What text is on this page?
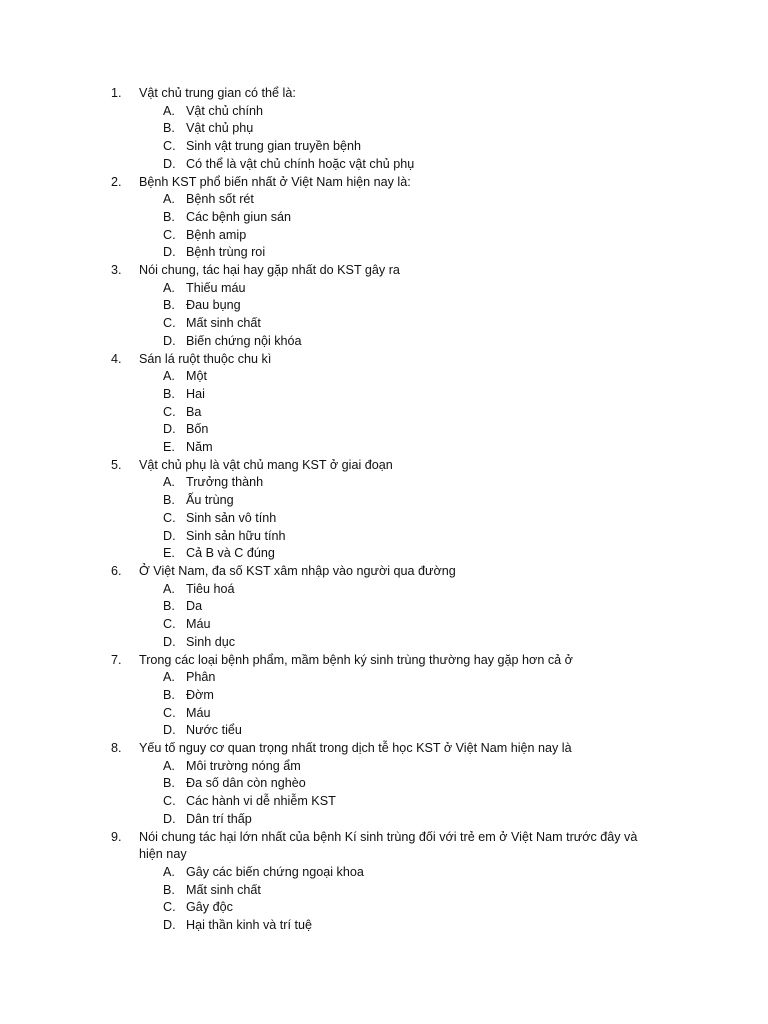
1.	Vật chủ trung gian có thể là:
A. Vật chủ chính
B. Vật chủ phụ
C. Sinh vật trung gian truyền bệnh
D. Có thể là vật chủ chính hoặc vật chủ phụ
2.	Bệnh KST phổ biến nhất ở Việt Nam hiện nay là:
A. Bệnh sốt rét
B. Các bệnh giun sán
C. Bệnh amip
D. Bệnh trùng roi
3.	Nói chung, tác hại hay gặp nhất do KST gây ra
A. Thiếu máu
B. Đau bụng
C. Mất sinh chất
D. Biến chứng nội khóa
4.	Sán lá ruột thuộc chu kì
A. Một
B. Hai
C. Ba
D. Bốn
E. Năm
5.	Vật chủ phụ là vật chủ mang KST ở giai đoạn
A. Trưởng thành
B. Ấu trùng
C. Sinh sản vô tính
D. Sinh sản hữu tính
E. Cả B và C đúng
6.	Ở Việt Nam, đa số KST xâm nhập vào người qua đường
A. Tiêu hoá
B. Da
C. Máu
D. Sinh dục
7.	Trong các loại bệnh phẩm, mầm bệnh ký sinh trùng thường hay gặp hơn cả ở
A. Phân
B. Đờm
C. Máu
D. Nước tiểu
8.	Yếu tố nguy cơ quan trọng nhất trong dịch tễ học KST ở Việt Nam hiện nay là
A. Môi trường nóng ẩm
B. Đa số dân còn nghèo
C. Các hành vi dễ nhiễm KST
D. Dân trí thấp
9.	Nói chung tác hại lớn nhất của bệnh Kí sinh trùng đối với trẻ em ở Việt Nam trước đây và hiện nay
A. Gây các biến chứng ngoại khoa
B. Mất sinh chất
C. Gây độc
D. Hại thần kinh và trí tuệ
